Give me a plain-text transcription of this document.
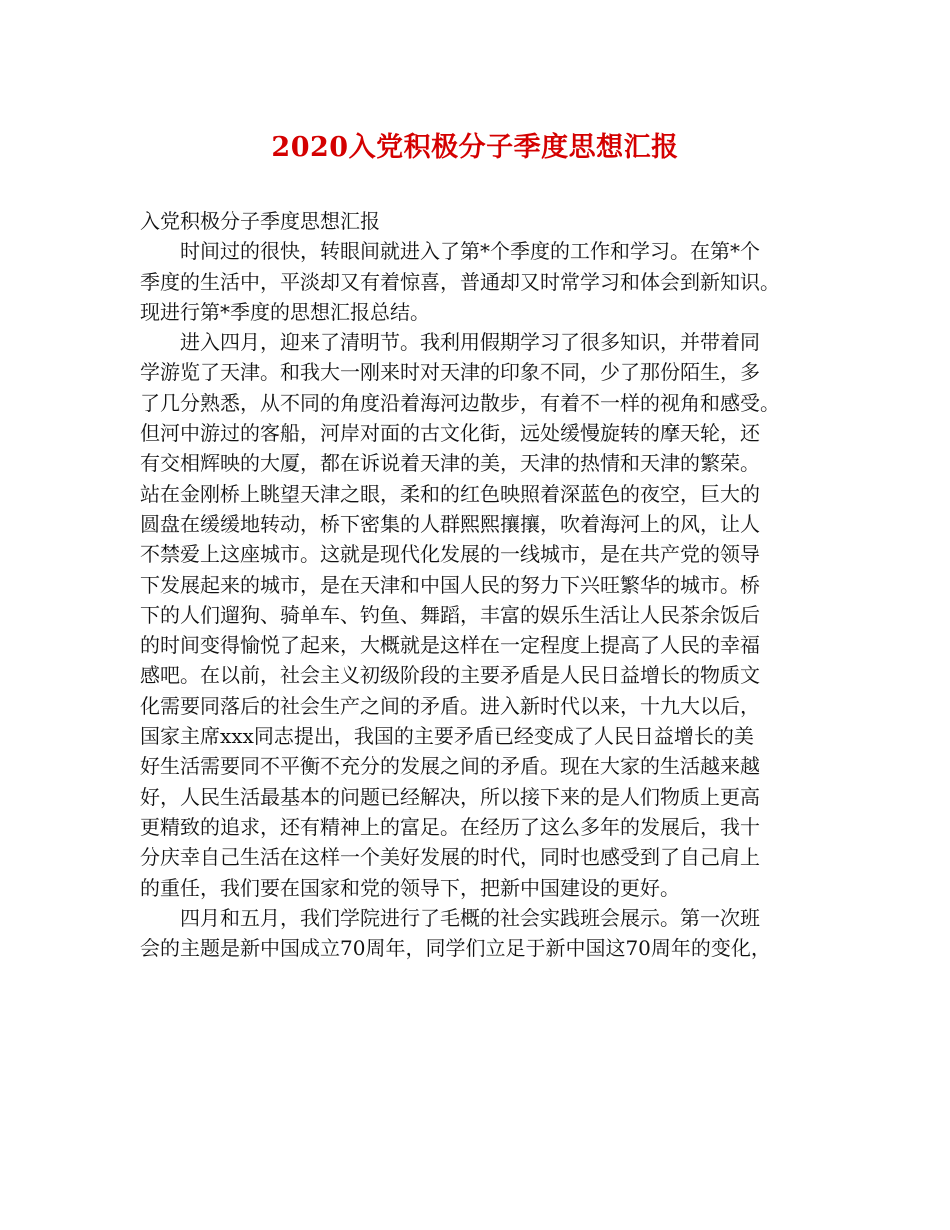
2020入党积极分子季度思想汇报

入党积极分子季度思想汇报

时间过的很快，转眼间就进入了第*个季度的工作和学习。在第*个
季度的生活中，平淡却又有着惊喜，普通却又时常学习和体会到新知识。
现进行第*季度的思想汇报总结。

进入四月，迎来了清明节。我利用假期学习了很多知识，并带着同
学游览了天津。和我大一刚来时对天津的印象不同，少了那份陌生，多
了几分熟悉，从不同的角度沿着海河边散步，有着不一样的视角和感受。
但河中游过的客船，河岸对面的古文化街，远处缓慢旋转的摩天轮，还
有交相辉映的大厦，都在诉说着天津的美，天津的热情和天津的繁荣。
站在金刚桥上眺望天津之眼，柔和的红色映照着深蓝色的夜空，巨大的
圆盘在缓缓地转动，桥下密集的人群熙熙攘攘，吹着海河上的风，让人
不禁爱上这座城市。这就是现代化发展的一线城市，是在共产党的领导
下发展起来的城市，是在天津和中国人民的努力下兴旺繁华的城市。桥
下的人们遛狗、骑单车、钓鱼、舞蹈，丰富的娱乐生活让人民茶余饭后
的时间变得愉悦了起来，大概就是这样在一定程度上提高了人民的幸福
感吧。在以前，社会主义初级阶段的主要矛盾是人民日益增长的物质文
化需要同落后的社会生产之间的矛盾。进入新时代以来，十九大以后，
国家主席xxx同志提出，我国的主要矛盾已经变成了人民日益增长的美
好生活需要同不平衡不充分的发展之间的矛盾。现在大家的生活越来越
好，人民生活最基本的问题已经解决，所以接下来的是人们物质上更高
更精致的追求，还有精神上的富足。在经历了这么多年的发展后，我十
分庆幸自己生活在这样一个美好发展的时代，同时也感受到了自己肩上
的重任，我们要在国家和党的领导下，把新中国建设的更好。

四月和五月，我们学院进行了毛概的社会实践班会展示。第一次班
会的主题是新中国成立70周年，同学们立足于新中国这70周年的变化，
